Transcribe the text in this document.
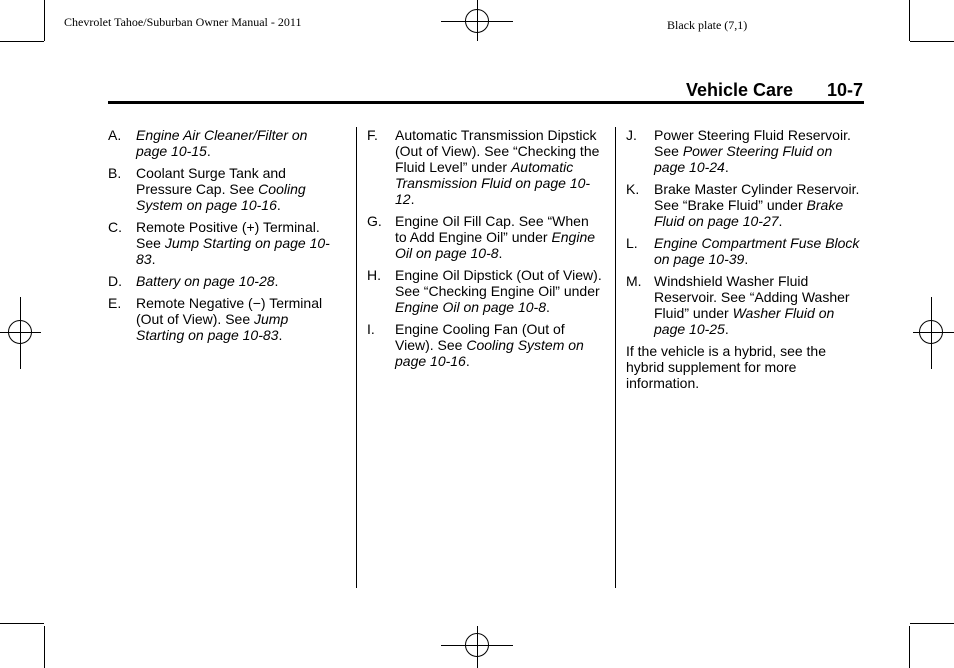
Chevrolet Tahoe/Suburban Owner Manual - 2011	Black plate (7,1)
Vehicle Care 10-7
A. Engine Air Cleaner/Filter on page 10-15.
B. Coolant Surge Tank and Pressure Cap. See Cooling System on page 10-16.
C. Remote Positive (+) Terminal. See Jump Starting on page 10-83.
D. Battery on page 10-28.
E. Remote Negative (−) Terminal (Out of View). See Jump Starting on page 10-83.
F. Automatic Transmission Dipstick (Out of View). See “Checking the Fluid Level” under Automatic Transmission Fluid on page 10-12.
G. Engine Oil Fill Cap. See “When to Add Engine Oil” under Engine Oil on page 10-8.
H. Engine Oil Dipstick (Out of View). See “Checking Engine Oil” under Engine Oil on page 10-8.
I. Engine Cooling Fan (Out of View). See Cooling System on page 10-16.
J. Power Steering Fluid Reservoir. See Power Steering Fluid on page 10-24.
K. Brake Master Cylinder Reservoir. See “Brake Fluid” under Brake Fluid on page 10-27.
L. Engine Compartment Fuse Block on page 10-39.
M. Windshield Washer Fluid Reservoir. See “Adding Washer Fluid” under Washer Fluid on page 10-25.
If the vehicle is a hybrid, see the hybrid supplement for more information.
